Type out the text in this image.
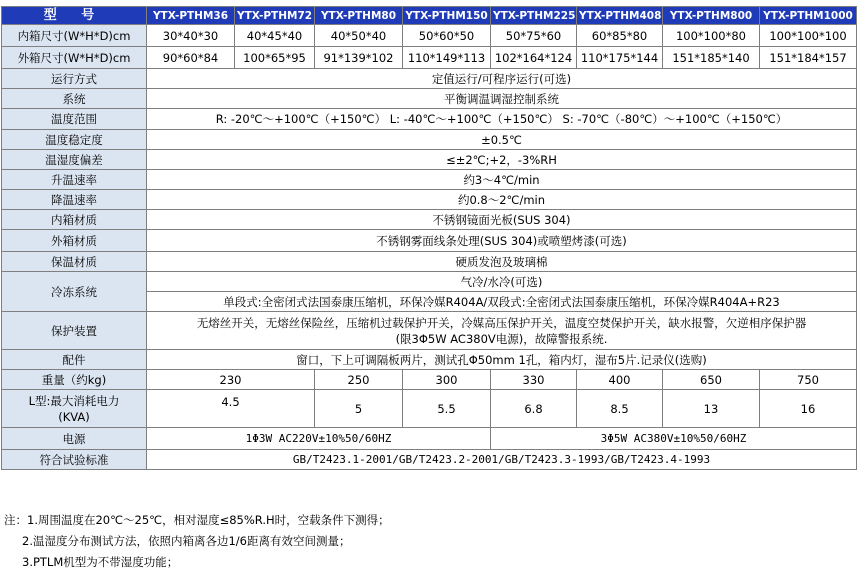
型 号	YTX-PTHM36	YTX-PTHM72	YTX-PTHM80	YTX-PTHM150	YTX-PTHM225	YTX-PTHM408	YTX-PTHM800	YTX-PTHM1000
内箱尺寸(W*H*D)cm	30*40*30	40*45*40	40*50*40	50*60*50	50*75*60	60*85*80	100*100*80	100*100*100
外箱尺寸(W*H*D)cm	90*60*84	100*65*95	91*139*102	110*149*113	102*164*124	110*175*144	151*185*140	151*184*157
运行方式	定值运行/可程序运行(可选)							
系统	平衡调温调湿控制系统							
温度范围	R: -20℃～+100℃（+150℃） L: -40℃～+100℃（+150℃） S: -70℃（-80℃）～+100℃（+150℃）							
温度稳定度	±0.5℃							
温湿度偏差	≤±2℃;+2，-3%RH							
升温速率	约3～4℃/min							
降温速率	约0.8～2℃/min							
内箱材质	不锈钢镜面光板(SUS 304)							
外箱材质	不锈钢雾面线条处理(SUS 304)或喷塑烤漆(可选)							
保温材质	硬质发泡及玻璃棉							
冷冻系统	气冷/水冷(可选)							
	单段式:全密闭式法国泰康压缩机，环保冷媒R404A/双段式:全密闭式法国泰康压缩机，环保冷媒R404A+R23							
保护装置	无熔丝开关，无熔丝保险丝，压缩机过载保护开关，冷媒高压保护开关，温度空焚保护开关，缺水报警，欠逆相序保护器
(限3Φ5W AC380V电源)，故障警报系统.							

配件	窗口，下上可调隔板两片，测试孔Φ50mm 1孔，箱内灯，湿布5片.记录仪(选购)							
重量（约kg)	230		250	300	330	400	650	750

L型:最大消耗电力
(KVA)	4.5		5	5.5	6.8	8.5	13	16
电源	1Φ3W AC220V±10%50/60HZ				3Φ5W AC380V±10%50/60HZ			
符合试验标准	GB/T2423.1-2001/GB/T2423.2-2001/GB/T2423.3-1993/GB/T2423.4-1993							
注：1.周围温度在20℃～25℃，相对湿度≤85%R.H时，空载条件下测得；
2.温湿度分布测试方法，依照内箱离各边1/6距离有效空间测量；
3.PTLM机型为不带湿度功能；
